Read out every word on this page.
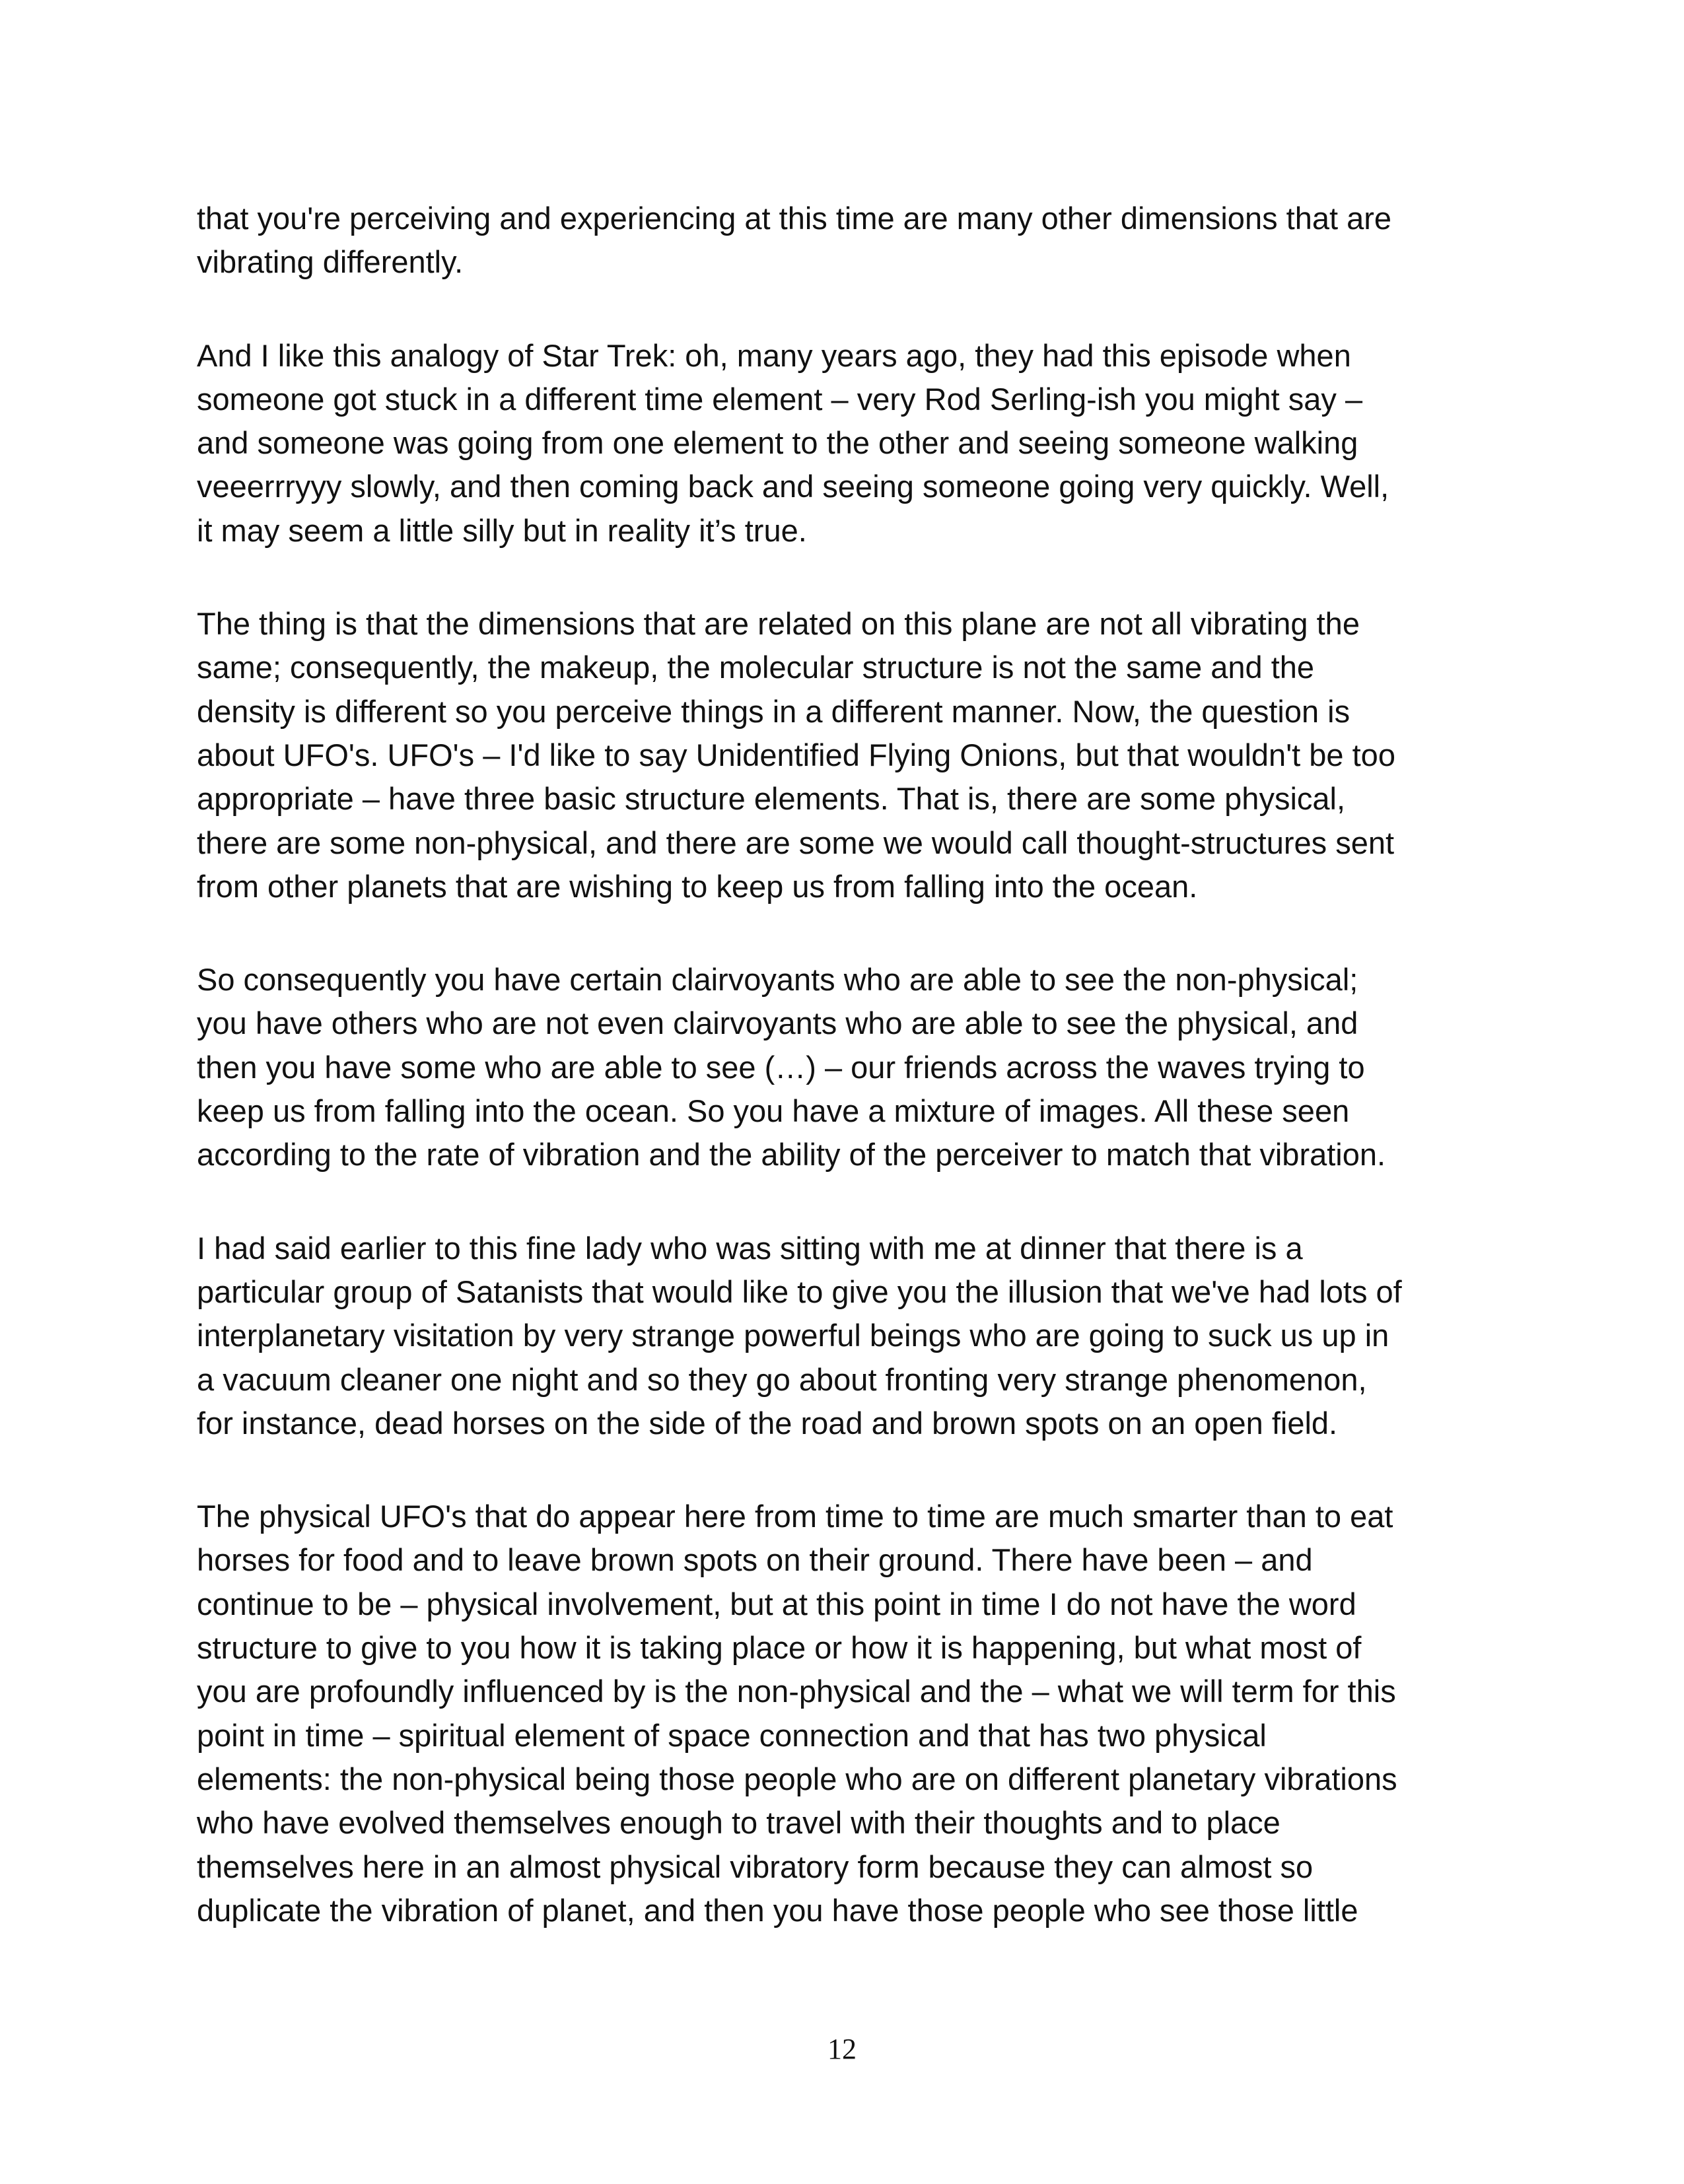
that you're perceiving and experiencing at this time are many other dimensions that are
vibrating differently.

And I like this analogy of Star Trek: oh, many years ago, they had this episode when
someone got stuck in a different time element – very Rod Serling-ish you might say –
and someone was going from one element to the other and seeing someone walking
veeerrryyy slowly, and then coming back and seeing someone going very quickly. Well,
it may seem a little silly but in reality it’s true.

The thing is that the dimensions that are related on this plane are not all vibrating the
same; consequently, the makeup, the molecular structure is not the same and the
density is different so you perceive things in a different manner. Now, the question is
about UFO's. UFO's – I'd like to say Unidentified Flying Onions, but that wouldn't be too
appropriate – have three basic structure elements. That is, there are some physical,
there are some non-physical, and there are some we would call thought-structures sent
from other planets that are wishing to keep us from falling into the ocean.

So consequently you have certain clairvoyants who are able to see the non-physical;
you have others who are not even clairvoyants who are able to see the physical, and
then you have some who are able to see (…) – our friends across the waves trying to
keep us from falling into the ocean. So you have a mixture of images. All these seen
according to the rate of vibration and the ability of the perceiver to match that vibration.

I had said earlier to this fine lady who was sitting with me at dinner that there is a
particular group of Satanists that would like to give you the illusion that we've had lots of
interplanetary visitation by very strange powerful beings who are going to suck us up in
a vacuum cleaner one night and so they go about fronting very strange phenomenon,
for instance, dead horses on the side of the road and brown spots on an open field.

The physical UFO's that do appear here from time to time are much smarter than to eat
horses for food and to leave brown spots on their ground. There have been – and
continue to be – physical involvement, but at this point in time I do not have the word
structure to give to you how it is taking place or how it is happening, but what most of
you are profoundly influenced by is the non-physical and the – what we will term for this
point in time – spiritual element of space connection and that has two physical
elements: the non-physical being those people who are on different planetary vibrations
who have evolved themselves enough to travel with their thoughts and to place
themselves here in an almost physical vibratory form because they can almost so
duplicate the vibration of planet, and then you have those people who see those little

12
